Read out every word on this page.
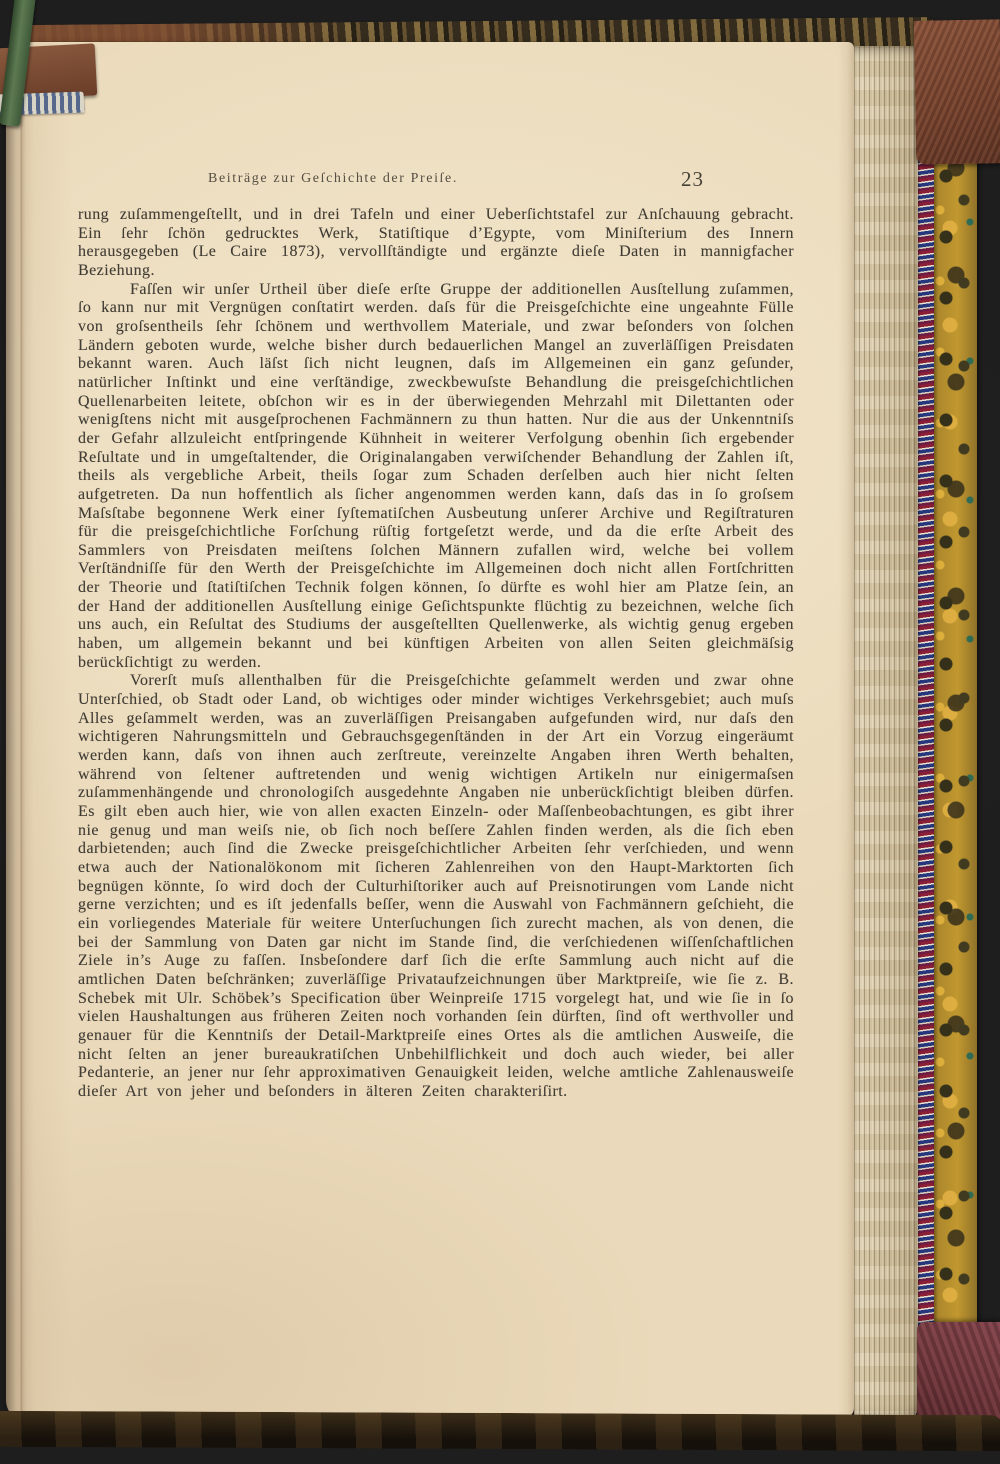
Beiträge zur Geſchichte der Preiſe.	23

rung zuſammengeſtellt, und in drei Tafeln und einer Ueberſichtstafel zur Anſchauung gebracht. Ein ſehr ſchön gedrucktes Werk, Statiſtique d’Egypte, vom Miniſterium des Innern herausgegeben (Le Caire 1873), vervollſtändigte und ergänzte dieſe Daten in mannigfacher Beziehung.

Faſſen wir unſer Urtheil über dieſe erſte Gruppe der additionellen Ausſtellung zuſammen, ſo kann nur mit Vergnügen conſtatirt werden. daſs für die Preisgeſchichte eine ungeahnte Fülle von groſsentheils ſehr ſchönem und werthvollem Materiale, und zwar beſonders von ſolchen Ländern geboten wurde, welche bisher durch bedauerlichen Mangel an zuverläſſigen Preisdaten bekannt waren. Auch läſst ſich nicht leugnen, daſs im Allgemeinen ein ganz geſunder, natürlicher Inſtinkt und eine verſtändige, zweckbewuſste Behandlung die preisgeſchichtlichen Quellenarbeiten leitete, obſchon wir es in der überwiegenden Mehrzahl mit Dilettanten oder wenigſtens nicht mit ausgeſprochenen Fachmännern zu thun hatten. Nur die aus der Unkenntniſs der Gefahr allzuleicht entſpringende Kühnheit in weiterer Verfolgung obenhin ſich ergebender Reſultate und in umgeſtaltender, die Originalangaben verwiſchender Behandlung der Zahlen iſt, theils als vergebliche Arbeit, theils ſogar zum Schaden derſelben auch hier nicht ſelten aufgetreten. Da nun hoffentlich als ſicher angenommen werden kann, daſs das in ſo groſsem Maſsſtabe begonnene Werk einer ſyſtematiſchen Ausbeutung unſerer Archive und Regiſtraturen für die preisgeſchichtliche Forſchung rüſtig fortgeſetzt werde, und da die erſte Arbeit des Sammlers von Preisdaten meiſtens ſolchen Männern zufallen wird, welche bei vollem Verſtändniſſe für den Werth der Preisgeſchichte im Allgemeinen doch nicht allen Fortſchritten der Theorie und ſtatiſtiſchen Technik folgen können, ſo dürfte es wohl hier am Platze ſein, an der Hand der additionellen Ausſtellung einige Geſichtspunkte flüchtig zu bezeichnen, welche ſich uns auch, ein Reſultat des Studiums der ausgeſtellten Quellenwerke, als wichtig genug ergeben haben, um allgemein bekannt und bei künftigen Arbeiten von allen Seiten gleichmäſsig berückſichtigt zu werden.

Vorerſt muſs allenthalben für die Preisgeſchichte geſammelt werden und zwar ohne Unterſchied, ob Stadt oder Land, ob wichtiges oder minder wichtiges Verkehrsgebiet; auch muſs Alles geſammelt werden, was an zuverläſſigen Preisangaben aufgefunden wird, nur daſs den wichtigeren Nahrungsmitteln und Gebrauchsgegenſtänden in der Art ein Vorzug eingeräumt werden kann, daſs von ihnen auch zerſtreute, vereinzelte Angaben ihren Werth behalten, während von ſeltener auftretenden und wenig wichtigen Artikeln nur einigermaſsen zuſammenhängende und chronologiſch ausgedehnte Angaben nie unberückſichtigt bleiben dürfen. Es gilt eben auch hier, wie von allen exacten Einzeln- oder Maſſenbeobachtungen, es gibt ihrer nie genug und man weiſs nie, ob ſich noch beſſere Zahlen finden werden, als die ſich eben darbietenden; auch ſind die Zwecke preisgeſchichtlicher Arbeiten ſehr verſchieden, und wenn etwa auch der Nationalökonom mit ſicheren Zahlenreihen von den Haupt-Marktorten ſich begnügen könnte, ſo wird doch der Culturhiſtoriker auch auf Preisnotirungen vom Lande nicht gerne verzichten; und es iſt jedenfalls beſſer, wenn die Auswahl von Fachmännern geſchieht, die ein vorliegendes Materiale für weitere Unterſuchungen ſich zurecht machen, als von denen, die bei der Sammlung von Daten gar nicht im Stande ſind, die verſchiedenen wiſſenſchaftlichen Ziele in’s Auge zu faſſen. Insbeſondere darf ſich die erſte Sammlung auch nicht auf die amtlichen Daten beſchränken; zuverläſſige Privataufzeichnungen über Marktpreiſe, wie ſie z. B. Schebek mit Ulr. Schöbek’s Specification über Weinpreiſe 1715 vorgelegt hat, und wie ſie in ſo vielen Haushaltungen aus früheren Zeiten noch vorhanden ſein dürften, ſind oft werthvoller und genauer für die Kenntniſs der Detail-Marktpreiſe eines Ortes als die amtlichen Ausweiſe, die nicht ſelten an jener bureaukratiſchen Unbehilflichkeit und doch auch wieder, bei aller Pedanterie, an jener nur ſehr approximativen Genauigkeit leiden, welche amtliche Zahlenausweiſe dieſer Art von jeher und beſonders in älteren Zeiten charakteriſirt.
